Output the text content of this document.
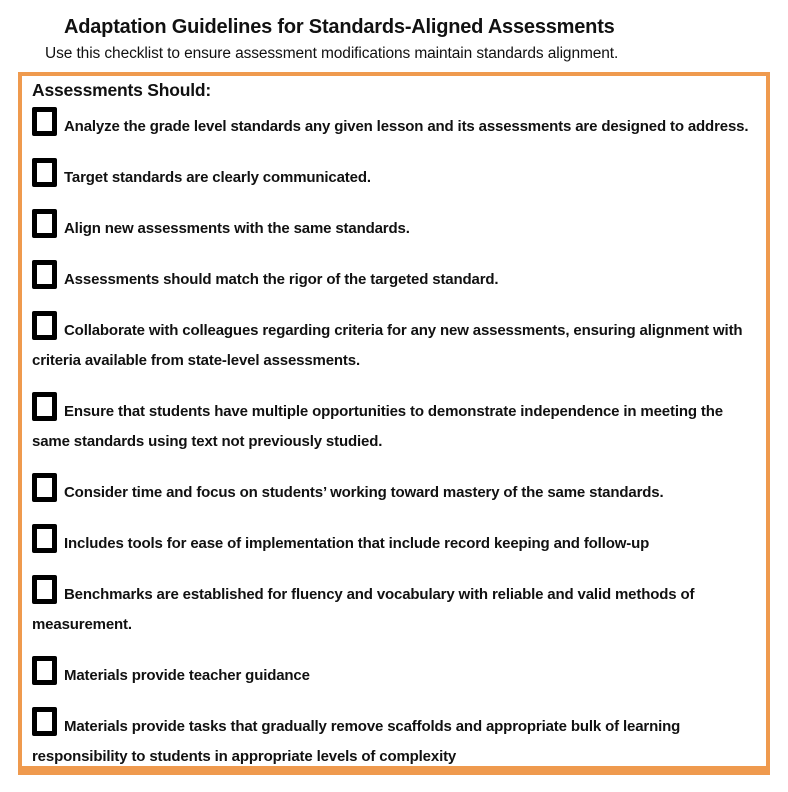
Adaptation Guidelines for Standards-Aligned Assessments

Use this checklist to ensure assessment modifications maintain standards alignment.

Assessments Should:

Analyze the grade level standards any given lesson and its assessments are designed to address.

Target standards are clearly communicated.

Align new assessments with the same standards.

Assessments should match the rigor of the targeted standard.

Collaborate with colleagues regarding criteria for any new assessments, ensuring alignment with criteria available from state-level assessments.

Ensure that students have multiple opportunities to demonstrate independence in meeting the same standards using text not previously studied.

Consider time and focus on students’ working toward mastery of the same standards.

Includes tools for ease of implementation that include record keeping and follow-up

Benchmarks are established for fluency and vocabulary with reliable and valid methods of measurement.

Materials provide teacher guidance

Materials provide tasks that gradually remove scaffolds and appropriate bulk of learning responsibility to students in appropriate levels of complexity
